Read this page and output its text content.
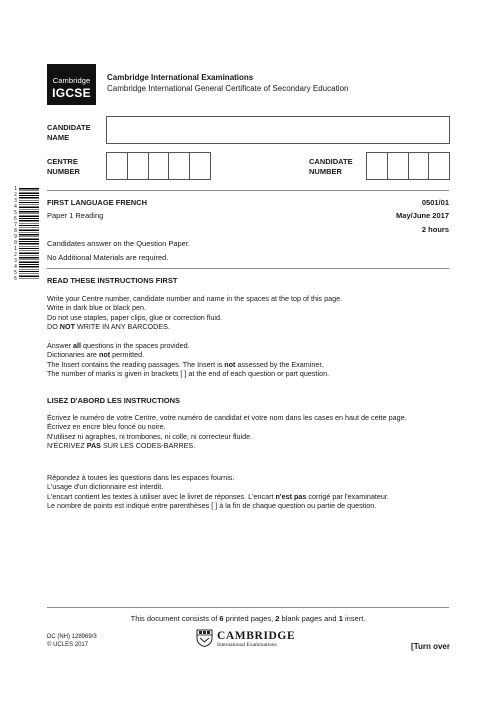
Cambridge
IGCSE
Cambridge International Examinations
Cambridge International General Certificate of Secondary Education
CANDIDATE
NAME
CENTRE
NUMBER
CANDIDATE
NUMBER
1234567890123456
FIRST LANGUAGE FRENCH	0501/01
Paper 1 Reading	May/June 2017
2 hours
Candidates answer on the Question Paper.
No Additional Materials are required.
READ THESE INSTRUCTIONS FIRST
Write your Centre number, candidate number and name in the spaces at the top of this page.
Write in dark blue or black pen.
Do not use staples, paper clips, glue or correction fluid.
DO NOT WRITE IN ANY BARCODES.
Answer all questions in the spaces provided.
Dictionaries are not permitted.
The Insert contains the reading passages. The Insert is not assessed by the Examiner.
The number of marks is given in brackets [ ] at the end of each question or part question.
LISEZ D'ABORD LES INSTRUCTIONS
Écrivez le numéro de votre Centre, votre numéro de candidat et votre nom dans les cases en haut de cette page.
Écrivez en encre bleu foncé ou noire.
N'utilisez ni agraphes, ni trombones, ni colle, ni correcteur fluide.
N'ÉCRIVEZ PAS SUR LES CODES-BARRES.
Répondez à toutes les questions dans les espaces fournis.
L'usage d'un dictionnaire est interdit.
L'encart contient les textes à utiliser avec le livret de réponses. L'encart n'est pas corrigé par l'examinateur.
Le nombre de points est indiqué entre parenthèses [ ] à la fin de chaque question ou partie de question.
This document consists of 6 printed pages, 2 blank pages and 1 insert.
DC (NH) 128969/3
© UCLES 2017
CAMBRIDGE
International Examinations	[Turn over
